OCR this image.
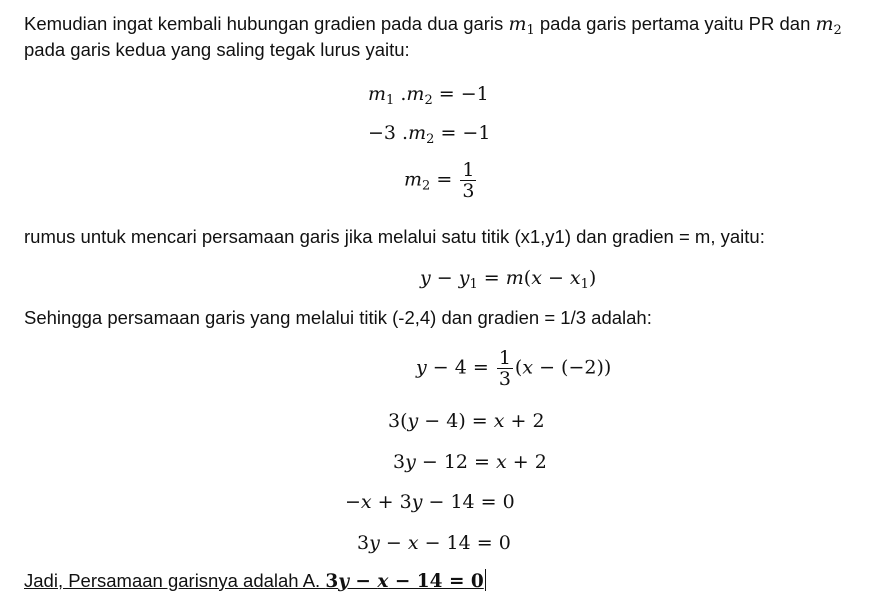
Kemudian ingat kembali hubungan gradien pada dua garis $m_1$ pada garis pertama yaitu PR dan $m_2$
pada garis kedua yang saling tegak lurus yaitu:
$m_1$ $.m_2 = -1$
−3 $.m_2 = -1$
$m_2 = \frac{1}{3}$
rumus untuk mencari persamaan garis jika melalui satu titik (x1,y1) dan gradien = m, yaitu:
$y - y_1 = m(x - x_1)$
Sehingga persamaan garis yang melalui titik (-2,4) dan gradien = 1/3 adalah:
$y - 4 = \frac{1}{3} (x - (-2))$
3(y − 4) = x + 2
3y − 12 = x + 2
−x + 3y − 14 = 0
3y − x − 14 = 0
Jadi, Persamaan garisnya adalah A. 3y − x − 14 = 0
